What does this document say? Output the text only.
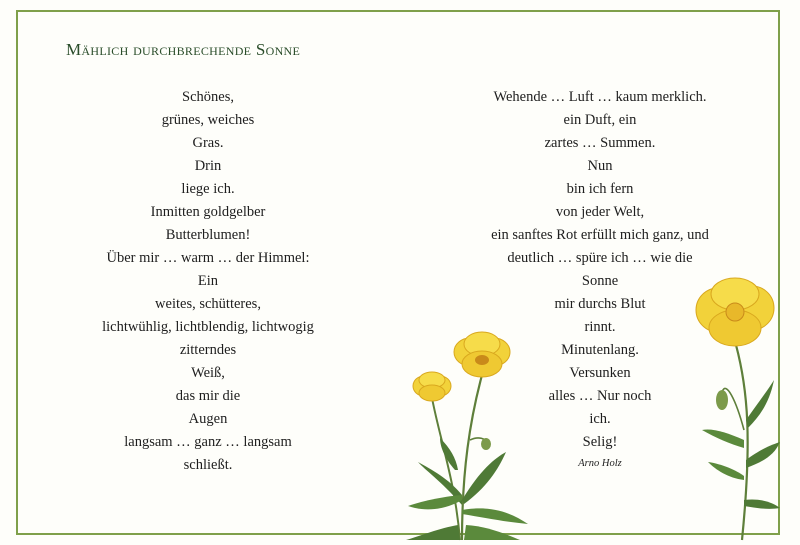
Mählich durchbrechende Sonne
Schönes,
grünes, weiches
Gras.
Drin
liege ich.
Inmitten goldgelber
Butterblumen!
Über mir … warm … der Himmel:
Ein
weites, schütteres,
lichtwühlig, lichtblendig, lichtwogig
zitterndes
Weiß,
das mir die
Augen
langsam … ganz … langsam
schließt.
Wehende … Luft … kaum merklich.
ein Duft, ein
zartes … Summen.
Nun
bin ich fern
von jeder Welt,
ein sanftes Rot erfüllt mich ganz, und
deutlich … spüre ich … wie die
Sonne
mir durchs Blut
rinnt.
Minutenlang.
Versunken
alles … Nur noch
ich.
Selig!
Arno Holz
